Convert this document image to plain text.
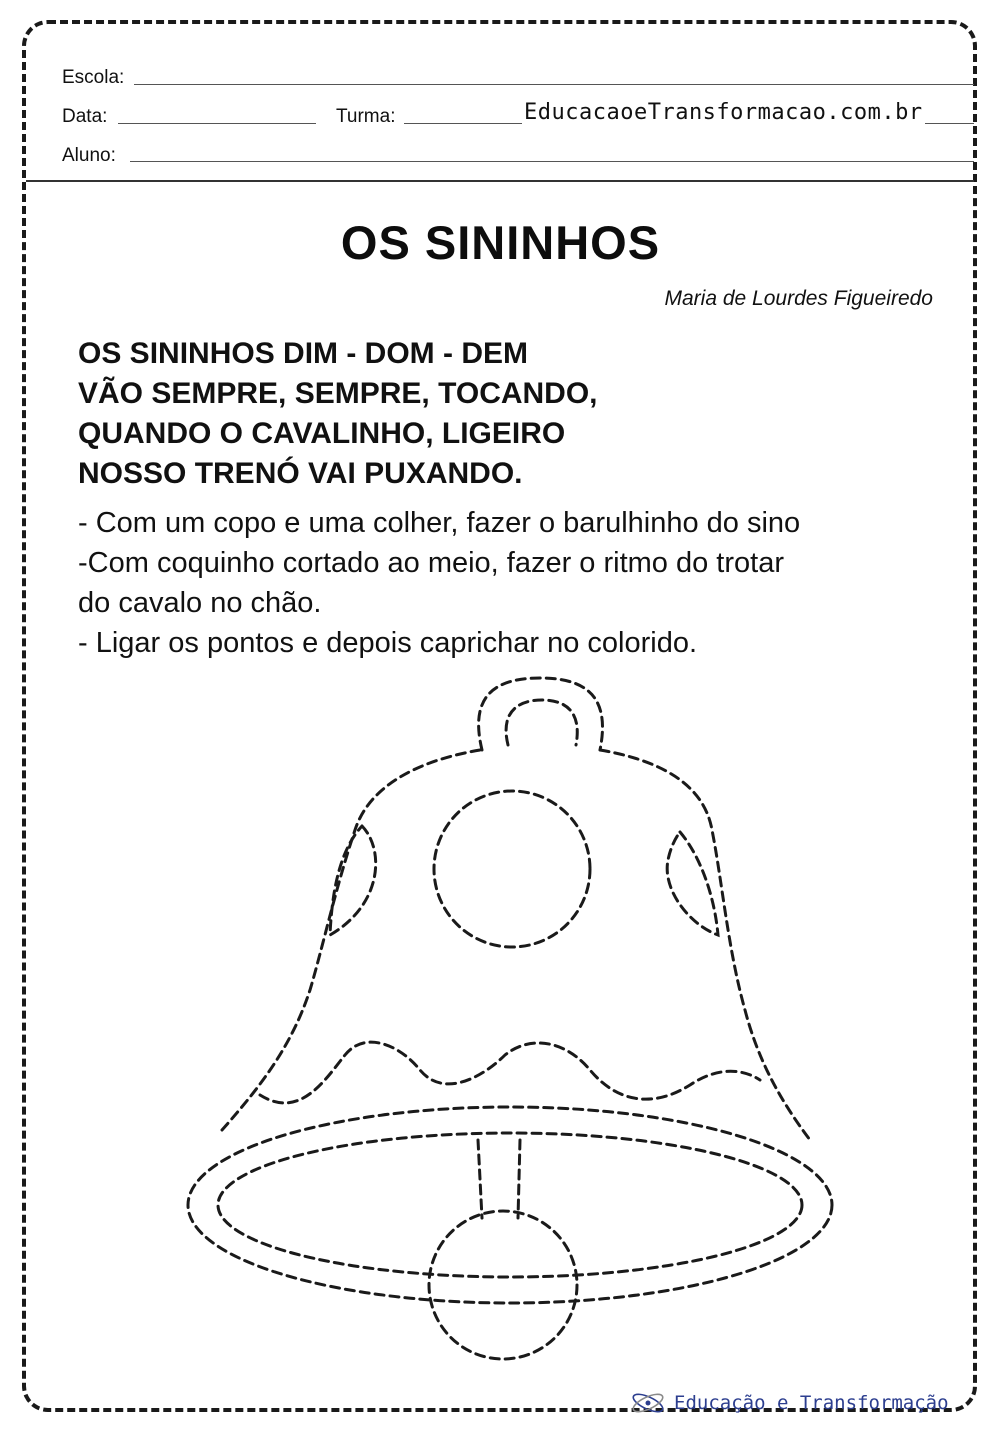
Escola:
Data:	Turma:	EducacaoeTransformacao.com.br
Aluno:
OS SININHOS
Maria de Lourdes Figueiredo
OS SININHOS DIM - DOM - DEM
VÃO SEMPRE, SEMPRE, TOCANDO,
QUANDO O CAVALINHO, LIGEIRO
NOSSO TRENÓ VAI PUXANDO.
- Com um copo e uma colher, fazer o barulhinho do sino
-Com coquinho cortado ao meio, fazer o ritmo do trotar
do cavalo no chão.
- Ligar os pontos e depois caprichar no colorido.
Educação e Transformação
